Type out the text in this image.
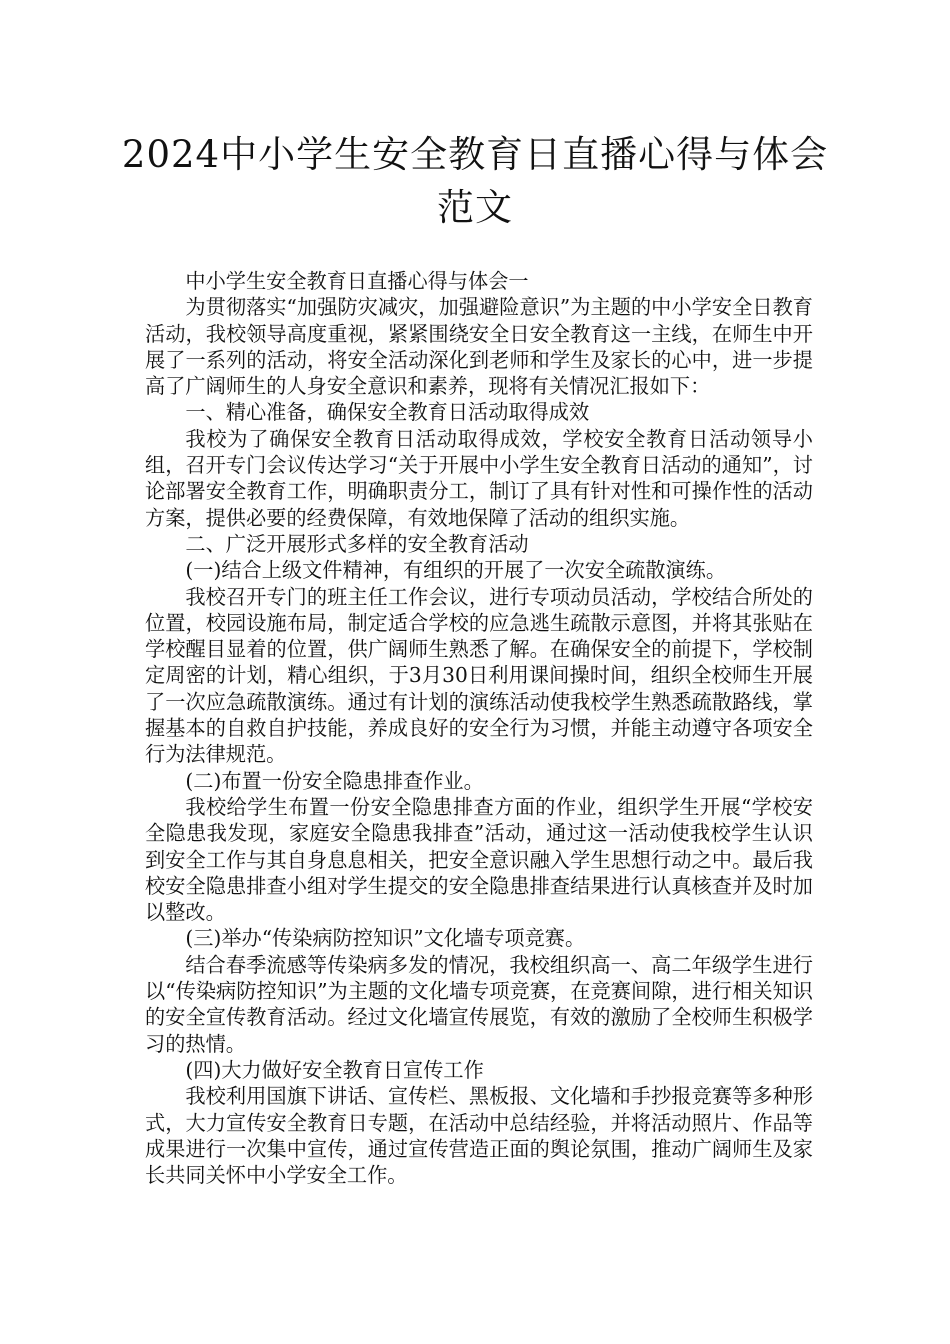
2024中小学生安全教育日直播心得与体会
范文

中小学生安全教育日直播心得与体会一

为贯彻落实“加强防灾减灾，加强避险意识”为主题的中小学安全日教育活动，我校领导高度重视，紧紧围绕安全日安全教育这一主线，在师生中开展了一系列的活动，将安全活动深化到老师和学生及家长的心中，进一步提高了广阔师生的人身安全意识和素养，现将有关情况汇报如下：

一、精心准备，确保安全教育日活动取得成效

我校为了确保安全教育日活动取得成效，学校安全教育日活动领导小组，召开专门会议传达学习“关于开展中小学生安全教育日活动的通知”，讨论部署安全教育工作，明确职责分工，制订了具有针对性和可操作性的活动方案，提供必要的经费保障，有效地保障了活动的组织实施。

二、广泛开展形式多样的安全教育活动

(一)结合上级文件精神，有组织的开展了一次安全疏散演练。

我校召开专门的班主任工作会议，进行专项动员活动，学校结合所处的位置，校园设施布局，制定适合学校的应急逃生疏散示意图，并将其张贴在学校醒目显着的位置，供广阔师生熟悉了解。在确保安全的前提下，学校制定周密的计划，精心组织，于3月30日利用课间操时间，组织全校师生开展了一次应急疏散演练。通过有计划的演练活动使我校学生熟悉疏散路线，掌握基本的自救自护技能，养成良好的安全行为习惯，并能主动遵守各项安全行为法律规范。

(二)布置一份安全隐患排查作业。

我校给学生布置一份安全隐患排查方面的作业，组织学生开展“学校安全隐患我发现，家庭安全隐患我排查”活动，通过这一活动使我校学生认识到安全工作与其自身息息相关，把安全意识融入学生思想行动之中。最后我校安全隐患排查小组对学生提交的安全隐患排查结果进行认真核查并及时加以整改。

(三)举办“传染病防控知识”文化墙专项竞赛。

结合春季流感等传染病多发的情况，我校组织高一、高二年级学生进行以“传染病防控知识”为主题的文化墙专项竞赛，在竞赛间隙，进行相关知识的安全宣传教育活动。经过文化墙宣传展览，有效的激励了全校师生积极学习的热情。

(四)大力做好安全教育日宣传工作

我校利用国旗下讲话、宣传栏、黑板报、文化墙和手抄报竞赛等多种形式，大力宣传安全教育日专题，在活动中总结经验，并将活动照片、作品等成果进行一次集中宣传，通过宣传营造正面的舆论氛围，推动广阔师生及家长共同关怀中小学安全工作。
